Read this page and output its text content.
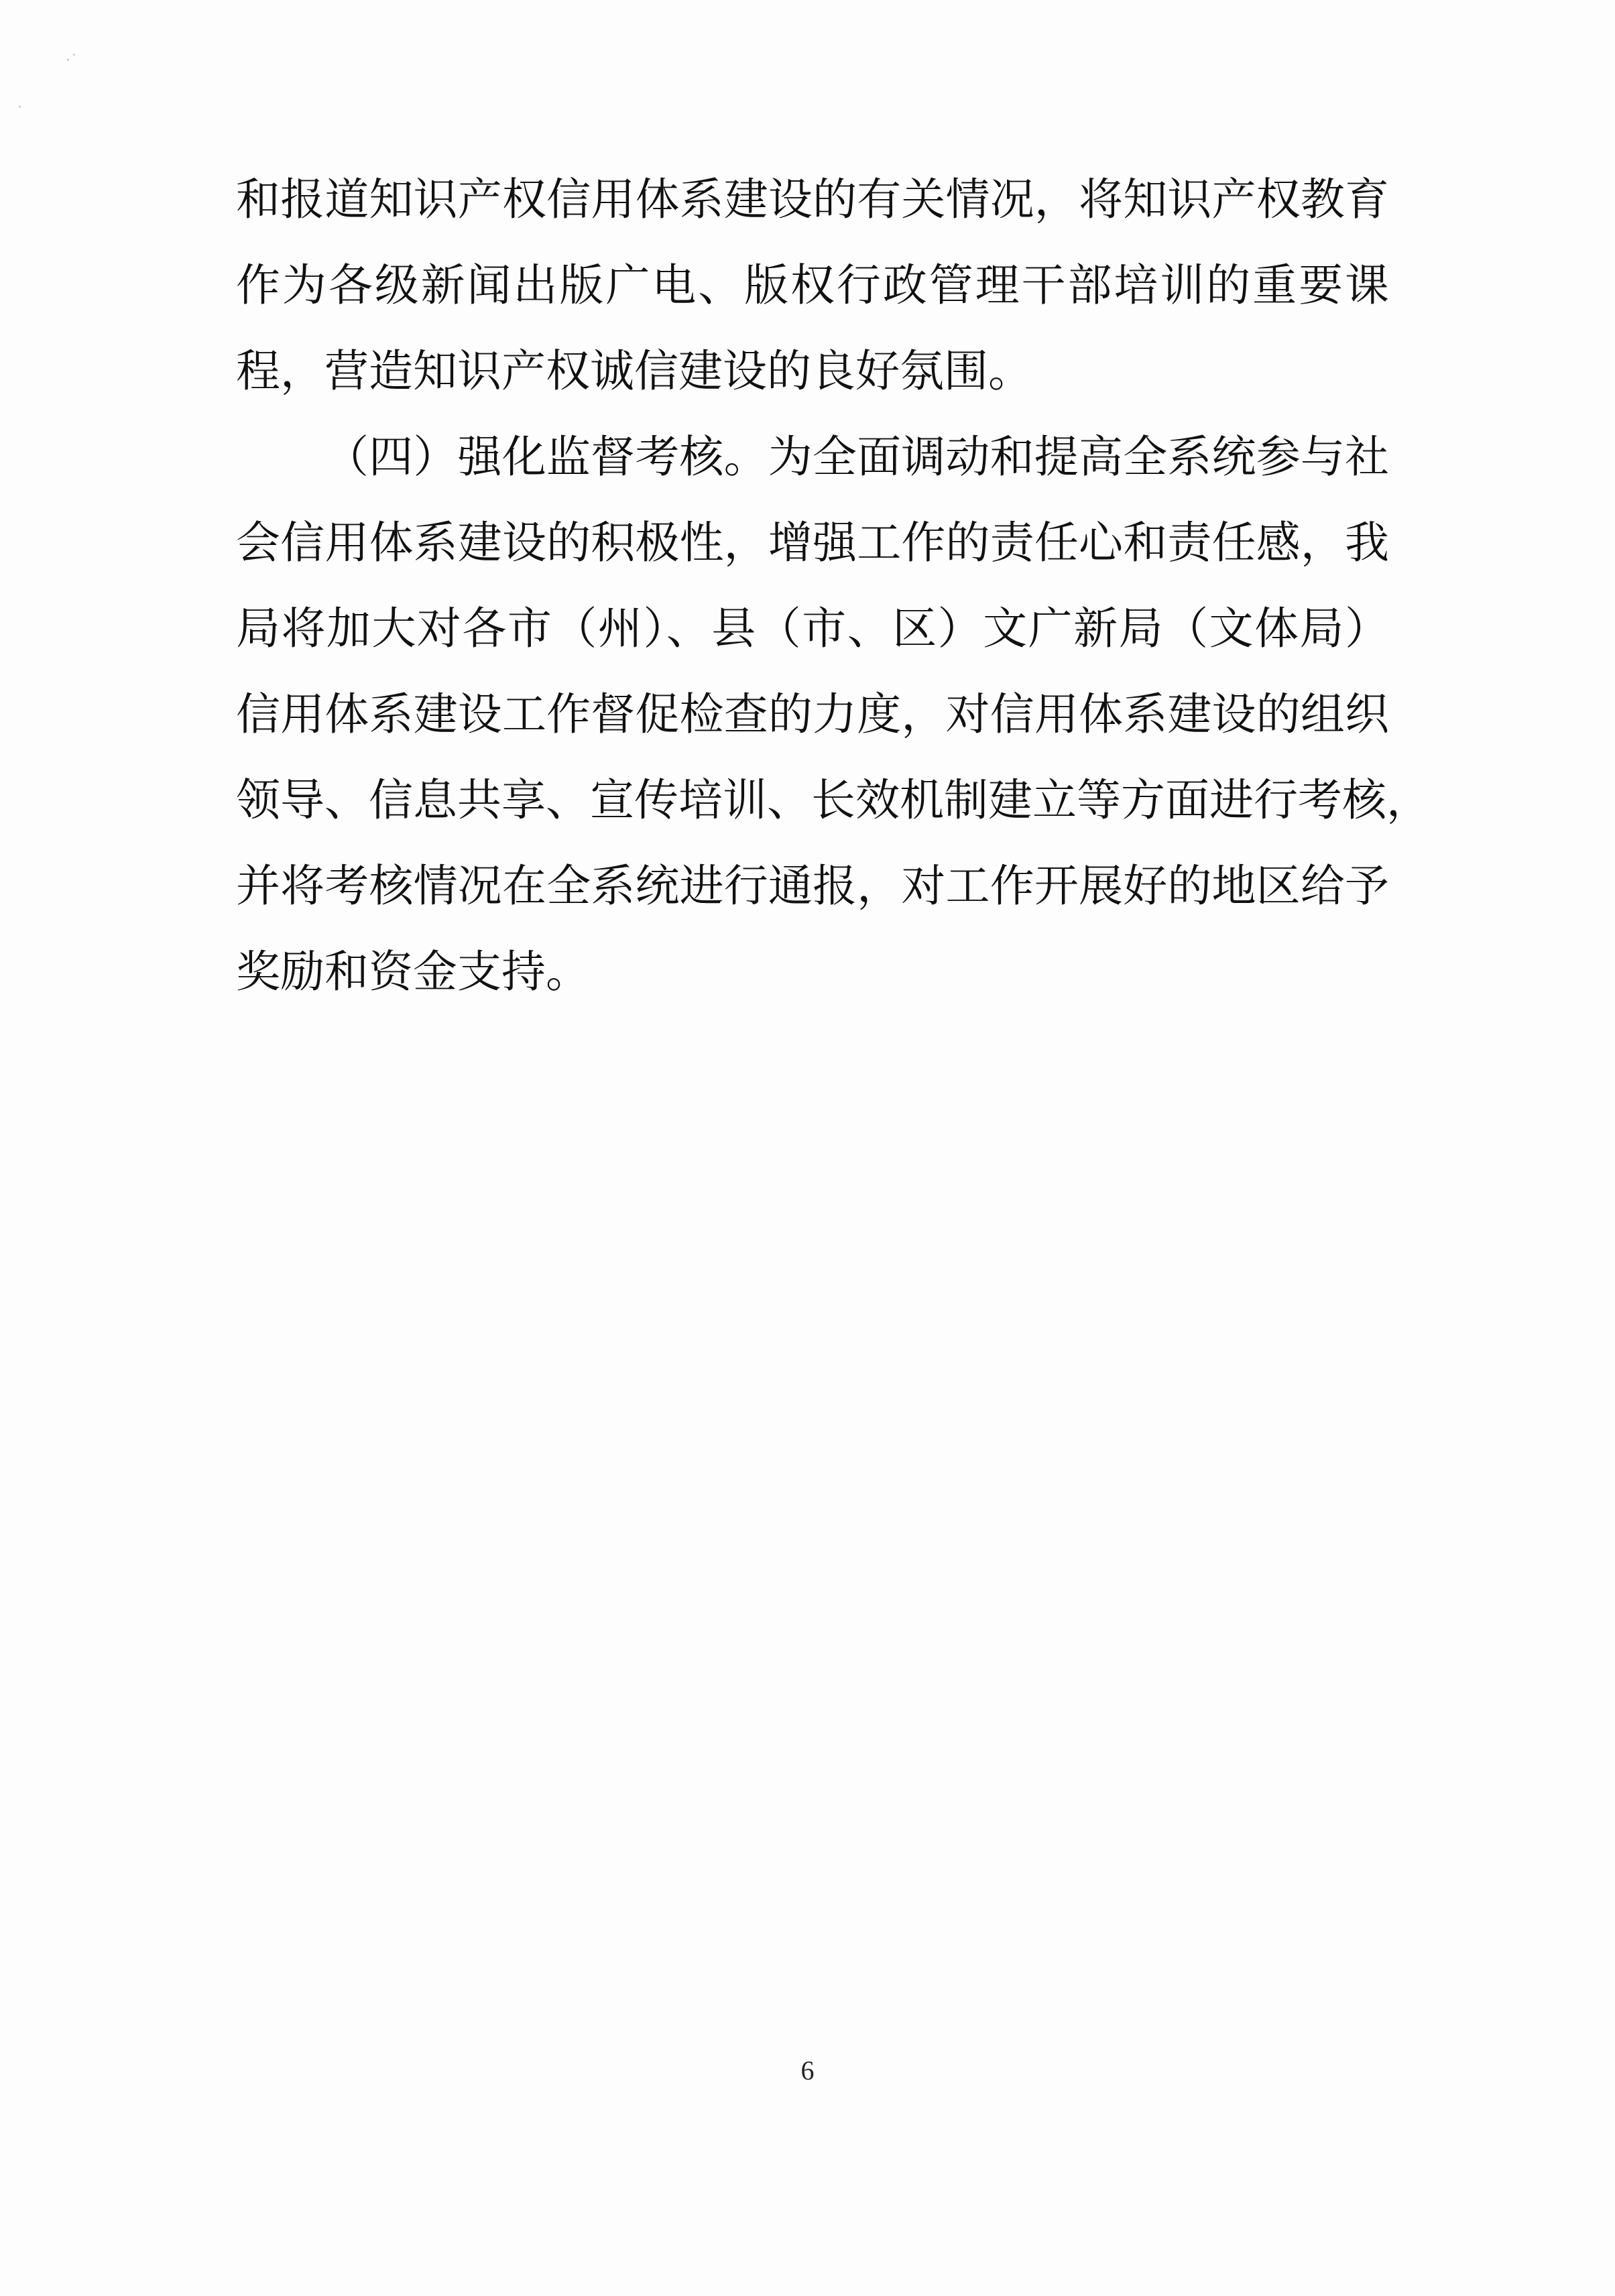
·˙
·
和报道知识产权信用体系建设的有关情况，将知识产权教育
作为各级新闻出版广电、版权行政管理干部培训的重要课
程，营造知识产权诚信建设的良好氛围。
（四）强化监督考核。为全面调动和提高全系统参与社
会信用体系建设的积极性，增强工作的责任心和责任感，我
局将加大对各市（州）、县（市、区）文广新局（文体局）
信用体系建设工作督促检查的力度，对信用体系建设的组织
领导、信息共享、宣传培训、长效机制建立等方面进行考核，
并将考核情况在全系统进行通报，对工作开展好的地区给予
奖励和资金支持。
6
